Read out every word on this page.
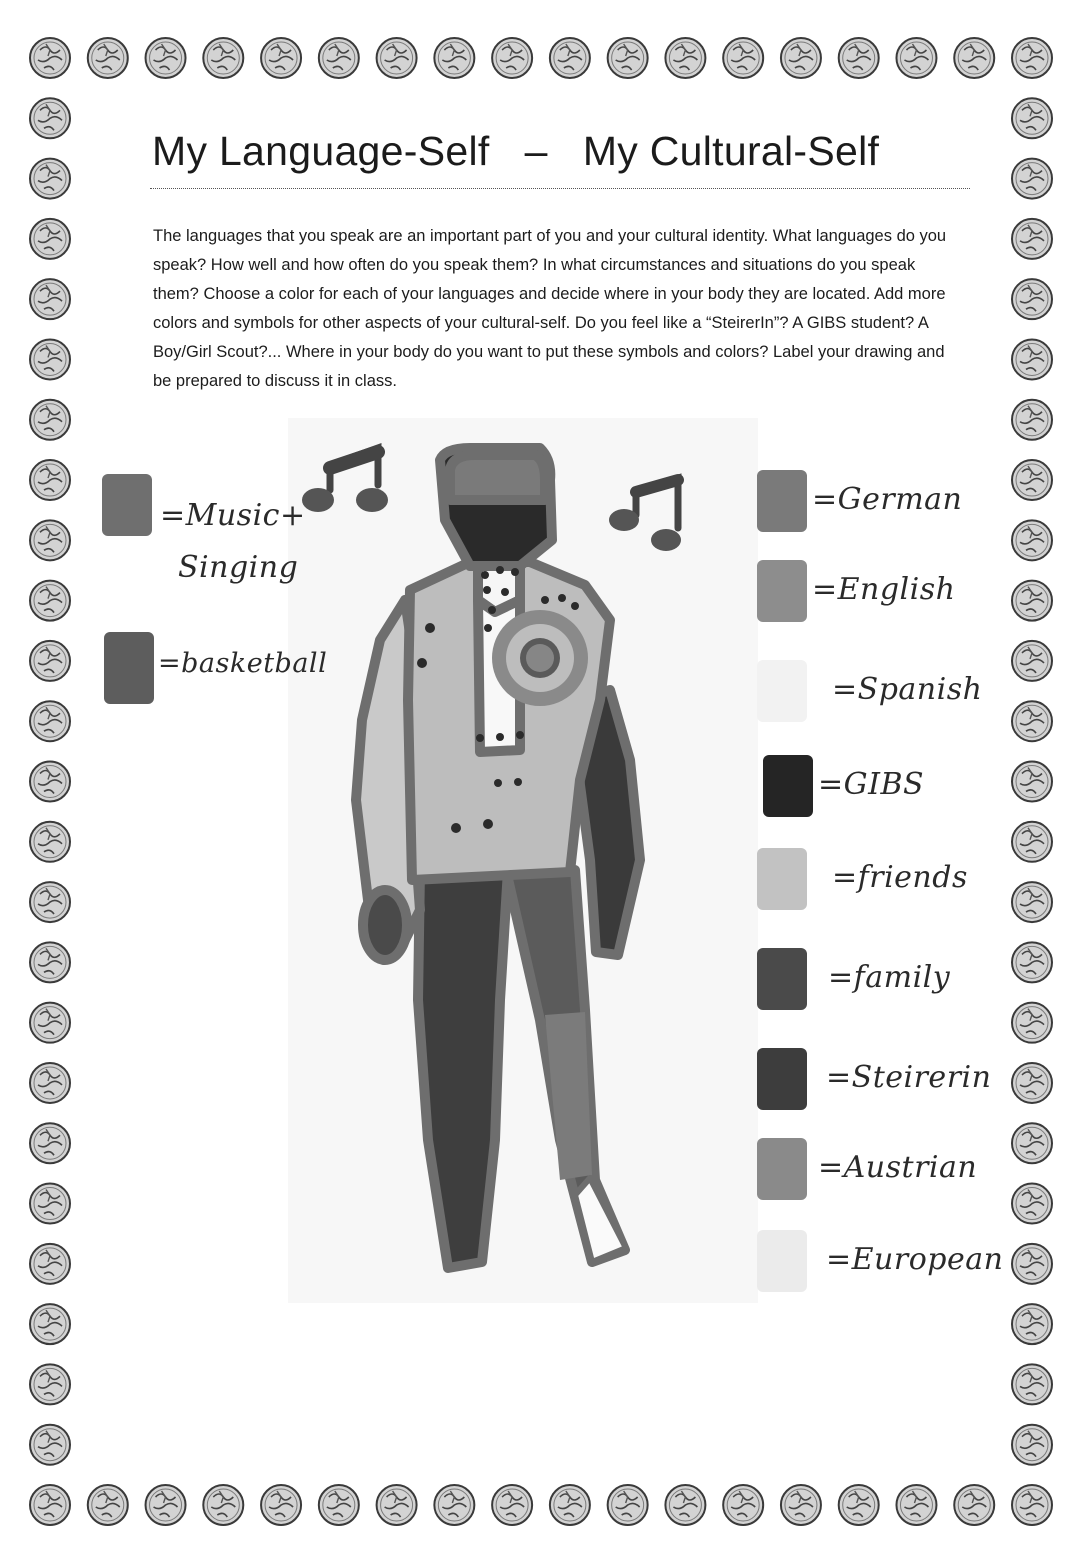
My Language-Self   –   My Cultural-Self

The languages that you speak are an important part of you and your cultural identity. What languages do you speak? How well and how often do you speak them? In what circumstances and situations do you speak them? Choose a color for each of your languages and decide where in your body they are located. Add more colors and symbols for other aspects of your cultural-self. Do you feel like a “SteirerIn”? A GIBS student? A Boy/Girl Scout?... Where in your body do you want to put these symbols and colors? Label your drawing and be prepared to discuss it in class.

=Music+
Singing
=basketball
=German
=English
=Spanish
=GIBS
=friends
=family
=Steirerin
=Austrian
=European
